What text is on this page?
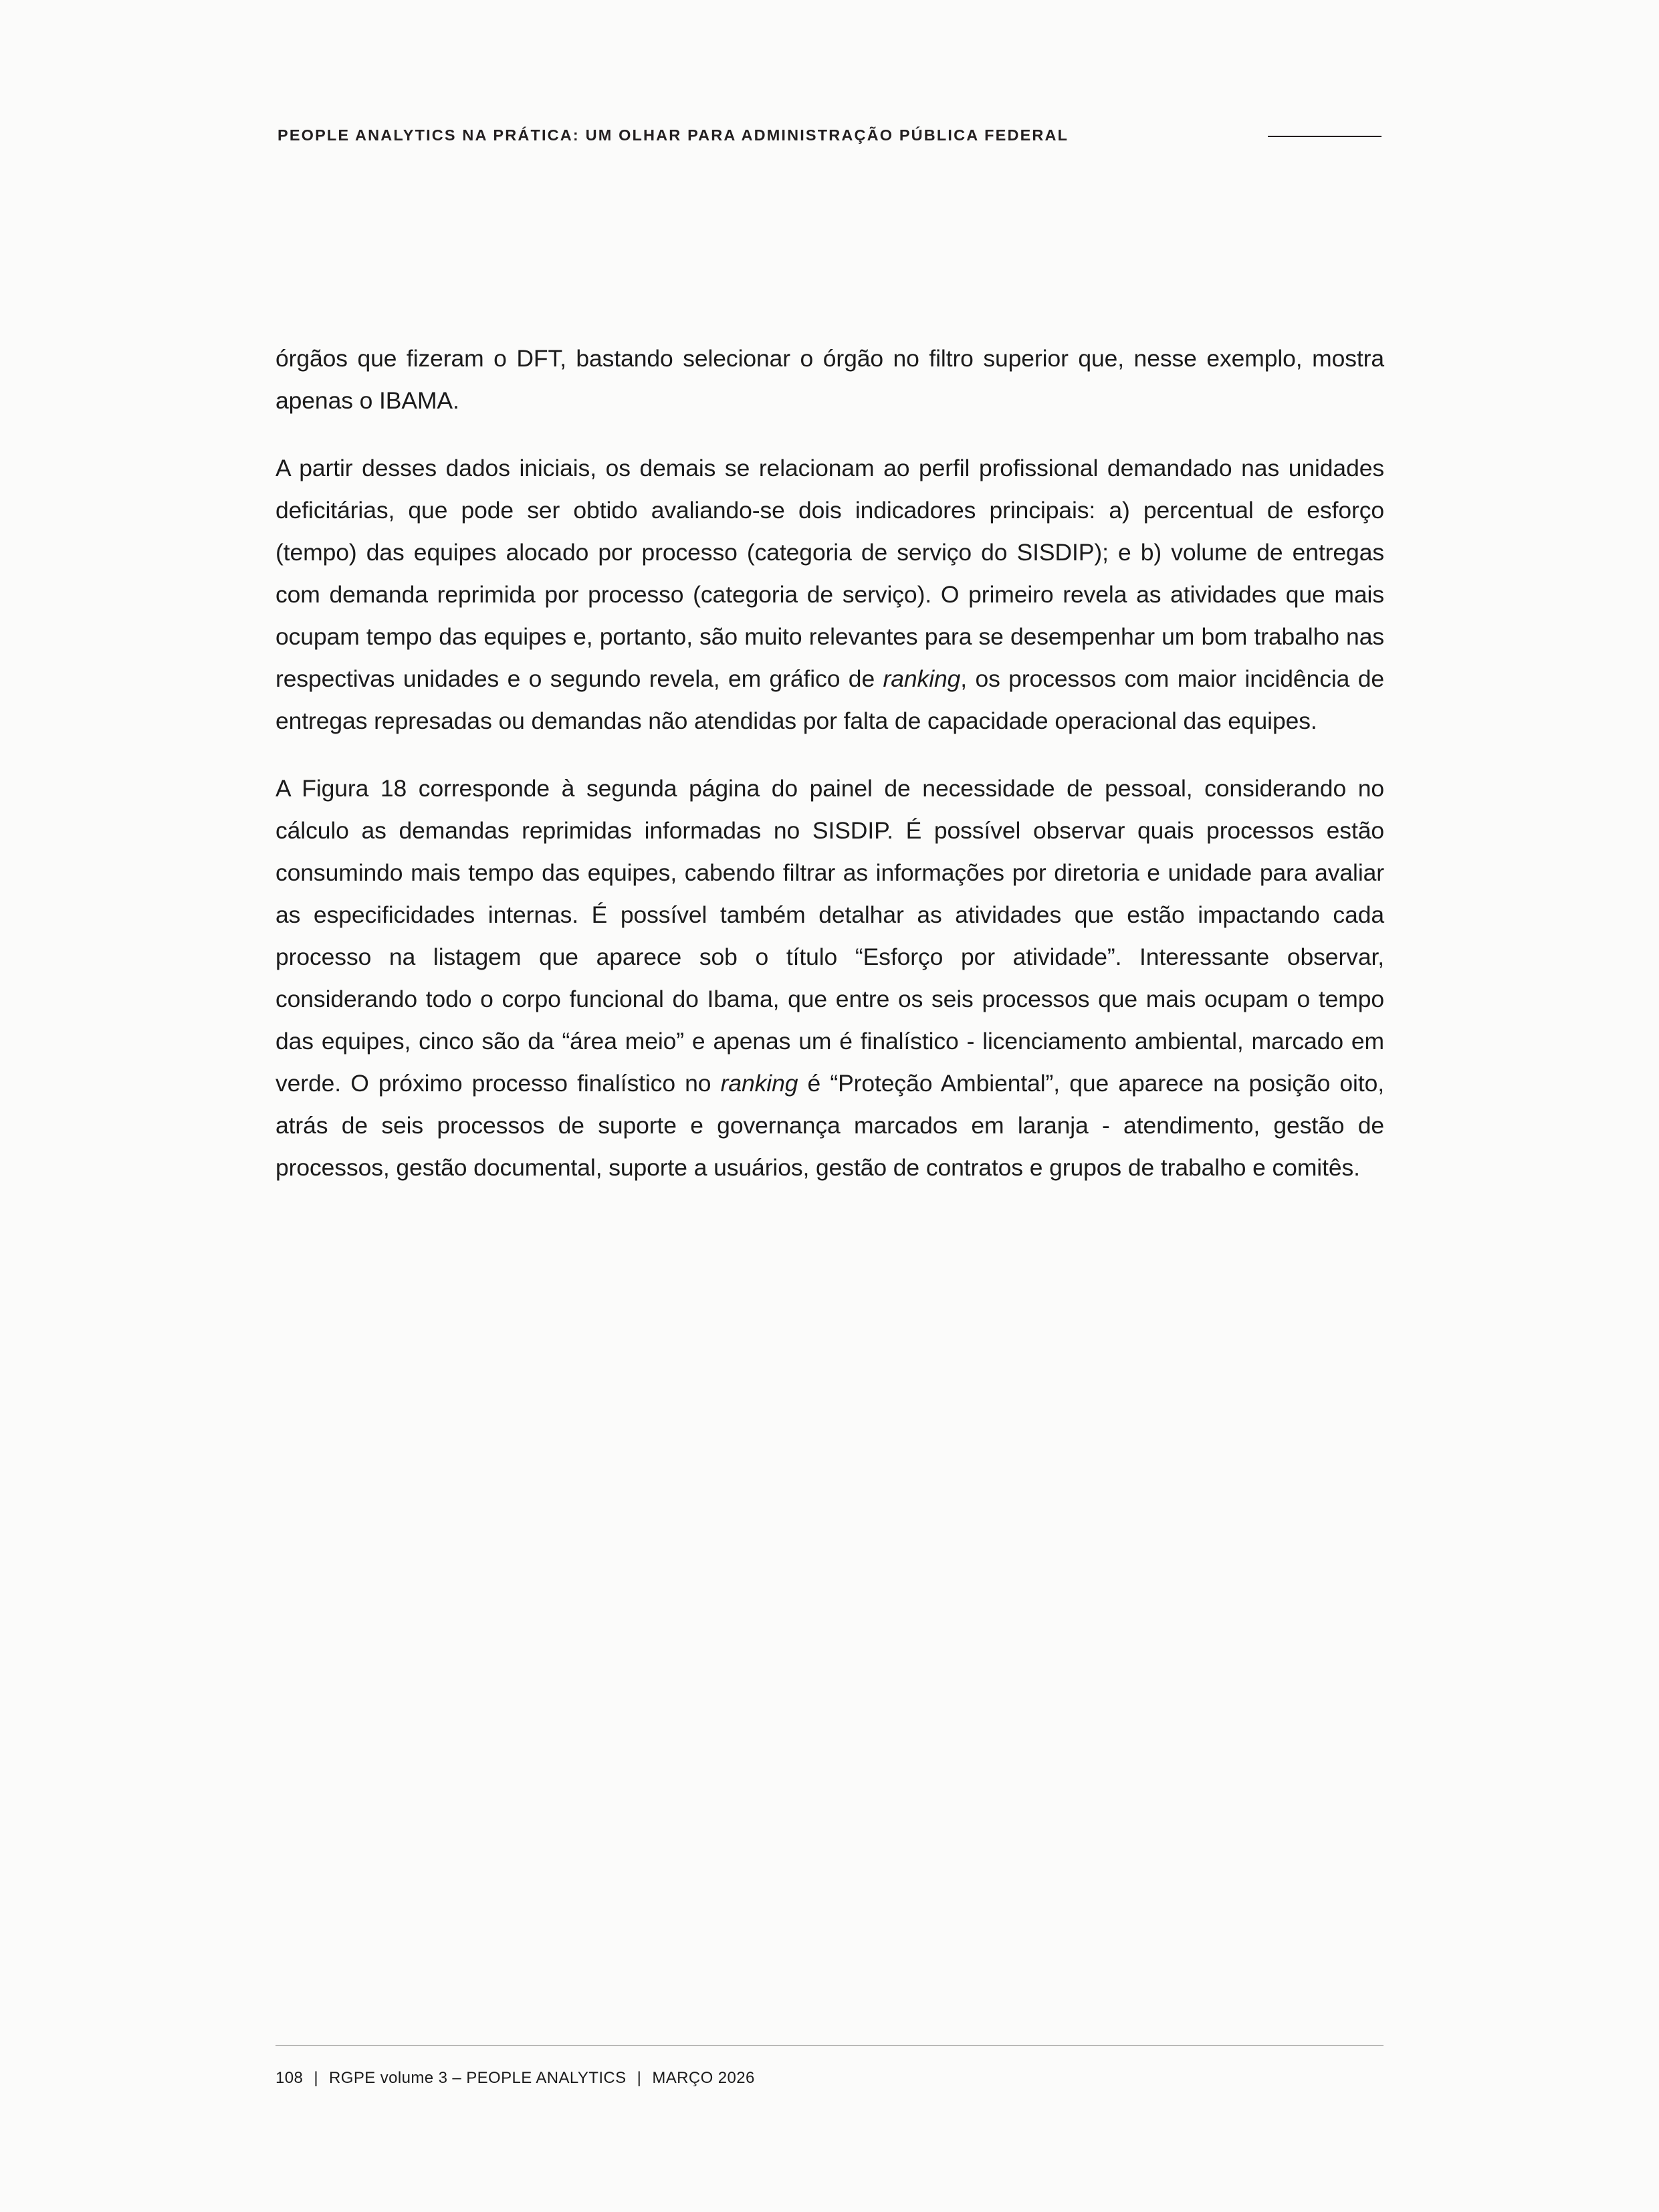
PEOPLE ANALYTICS NA PRÁTICA: UM OLHAR PARA ADMINISTRAÇÃO PÚBLICA FEDERAL

órgãos que fizeram o DFT, bastando selecionar o órgão no filtro superior que, nesse exemplo, mostra apenas o IBAMA.

A partir desses dados iniciais, os demais se relacionam ao perfil profissional demandado nas unidades deficitárias, que pode ser obtido avaliando-se dois indicadores principais: a) percentual de esforço (tempo) das equipes alocado por processo (categoria de serviço do SISDIP); e b) volume de entregas com demanda reprimida por processo (categoria de serviço). O primeiro revela as atividades que mais ocupam tempo das equipes e, portanto, são muito relevantes para se desempenhar um bom trabalho nas respectivas unidades e o segundo revela, em gráfico de ranking, os processos com maior incidência de entregas represadas ou demandas não atendidas por falta de capacidade operacional das equipes.

A Figura 18 corresponde à segunda página do painel de necessidade de pessoal, considerando no cálculo as demandas reprimidas informadas no SISDIP. É possível observar quais processos estão consumindo mais tempo das equipes, cabendo filtrar as informações por diretoria e unidade para avaliar as especificidades internas. É possível também detalhar as atividades que estão impactando cada processo na listagem que aparece sob o título “Esforço por atividade”. Interessante observar, considerando todo o corpo funcional do Ibama, que entre os seis processos que mais ocupam o tempo das equipes, cinco são da “área meio” e apenas um é finalístico - licenciamento ambiental, marcado em verde. O próximo processo finalístico no ranking é “Proteção Ambiental”, que aparece na posição oito, atrás de seis processos de suporte e governança marcados em laranja - atendimento, gestão de processos, gestão documental, suporte a usuários, gestão de contratos e grupos de trabalho e comitês.

108 | RGPE volume 3 – PEOPLE ANALYTICS | MARÇO 2026
